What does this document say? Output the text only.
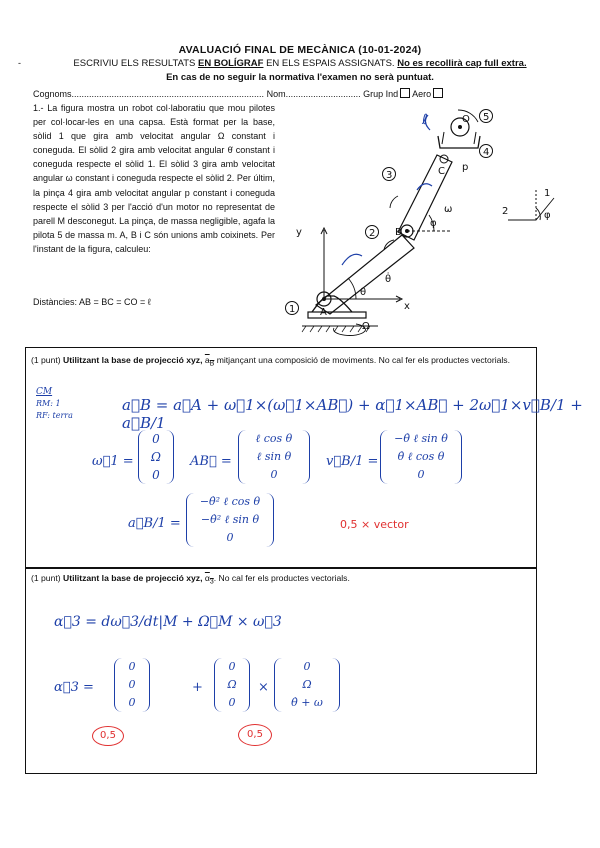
-
AVALUACIÓ FINAL DE MECÀNICA (10-01-2024)
ESCRIVIU ELS RESULTATS EN BOLÍGRAF EN ELS ESPAIS ASSIGNATS. No es recollirà cap full extra.
En cas de no seguir la normativa l'examen no serà puntuat.
Cognoms............................................................................. Nom.............................. Grup Ind Aero
1.- La figura mostra un robot col·laboratiu que mou pilotes per col·locar-les en una capsa. Està format per la base, sòlid 1 que gira amb velocitat angular Ω constant i coneguda. El sòlid 2 gira amb velocitat angular θ̇ constant i coneguda respecte el sòlid 1. El sòlid 3 gira amb velocitat angular ω constant i coneguda respecte el sòlid 2. Per últim, la pinça 4 gira amb velocitat angular p constant i coneguda respecte el sòlid 3 per l'acció d'un motor no representat de parell M desconegut. La pinça, de massa negligible, agafa la pilota 5 de massa m. A, B i C són unions amb coixinets. Per l'instant de la figura, calculeu:
Distàncies: AB = BC = CO = ℓ
1
2
3
4
5
A
B
C
O
x
y
θ
θ̇
ω
Ω
φ
φ
p
ℓ
1
2
(1 punt) Utilitzant la base de projecció xyz, $a_B$ mitjançant una composició de moviments. No cal fer els productes vectorials.
CM
RM: 1
RF: terra
a⃗B = a⃗A + ω⃗1×(ω⃗1×AB⃗) + α⃗1×AB⃗ + 2ω⃗1×v⃗B/1 + a⃗B/1
ω⃗1 =
0
Ω
0
AB⃗ =
ℓ cos θ
ℓ sin θ
0
v⃗B/1 =
−θ̇ ℓ sin θ
θ̇ ℓ cos θ
0
a⃗B/1 =
−θ̇² ℓ cos θ
−θ̇² ℓ sin θ
0
0,5 × vector
(1 punt) Utilitzant la base de projecció xyz, $\alpha_3$. No cal fer els productes vectorials.
α⃗3 = dω⃗3/dt|M + Ω⃗M × ω⃗3
α⃗3 =
0
0
0
+
0
Ω
0
×
0
Ω
θ̇ + ω
0,5	0,5
